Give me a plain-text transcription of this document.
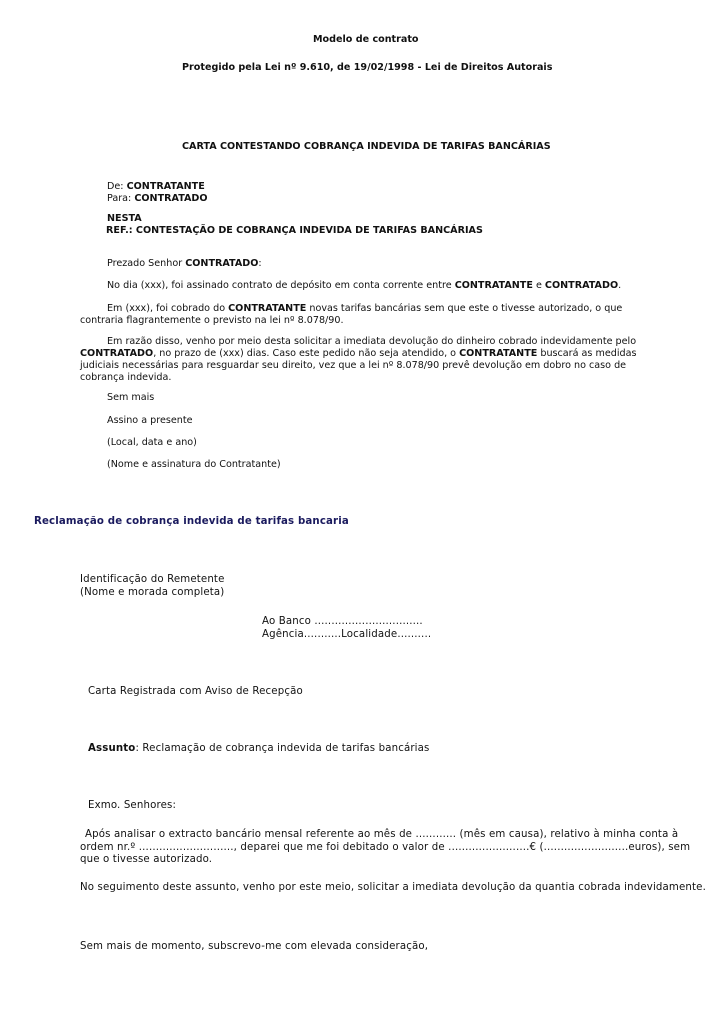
Modelo de contrato
Protegido pela Lei nº 9.610, de 19/02/1998 - Lei de Direitos Autorais
CARTA CONTESTANDO COBRANÇA INDEVIDA DE TARIFAS BANCÁRIAS
De: CONTRATANTE
Para: CONTRATADO
NESTA
REF.: CONTESTAÇÃO DE COBRANÇA INDEVIDA DE TARIFAS BANCÁRIAS
Prezado Senhor CONTRATADO:
No dia (xxx), foi assinado contrato de depósito em conta corrente entre CONTRATANTE e CONTRATADO.
Em (xxx), foi cobrado do CONTRATANTE novas tarifas bancárias sem que este o tivesse autorizado, o que contraria flagrantemente o previsto na lei nº 8.078/90.
Em razão disso, venho por meio desta solicitar a imediata devolução do dinheiro cobrado indevidamente pelo CONTRATADO, no prazo de (xxx) dias. Caso este pedido não seja atendido, o CONTRATANTE buscará as medidas judiciais necessárias para resguardar seu direito, vez que a lei nº 8.078/90 prevê devolução em dobro no caso de cobrança indevida.
Sem mais
Assino a presente
(Local, data e ano)
(Nome e assinatura do Contratante)
Reclamação de cobrança indevida de tarifas bancaria
Identificação do Remetente
(Nome e morada completa)
Ao Banco ................................
Agência...........Localidade..........
Carta Registrada com Aviso de Recepção
Assunto: Reclamação de cobrança indevida de tarifas bancárias
Exmo. Senhores:
Após analisar o extracto bancário mensal referente ao mês de ............ (mês em causa), relativo à minha conta à ordem nr.º ............................, deparei que me foi debitado o valor de ........................€ (.........................euros), sem que o tivesse autorizado.
No seguimento deste assunto, venho por este meio, solicitar a imediata devolução da quantia cobrada indevidamente.
Sem mais de momento, subscrevo-me com elevada consideração,
